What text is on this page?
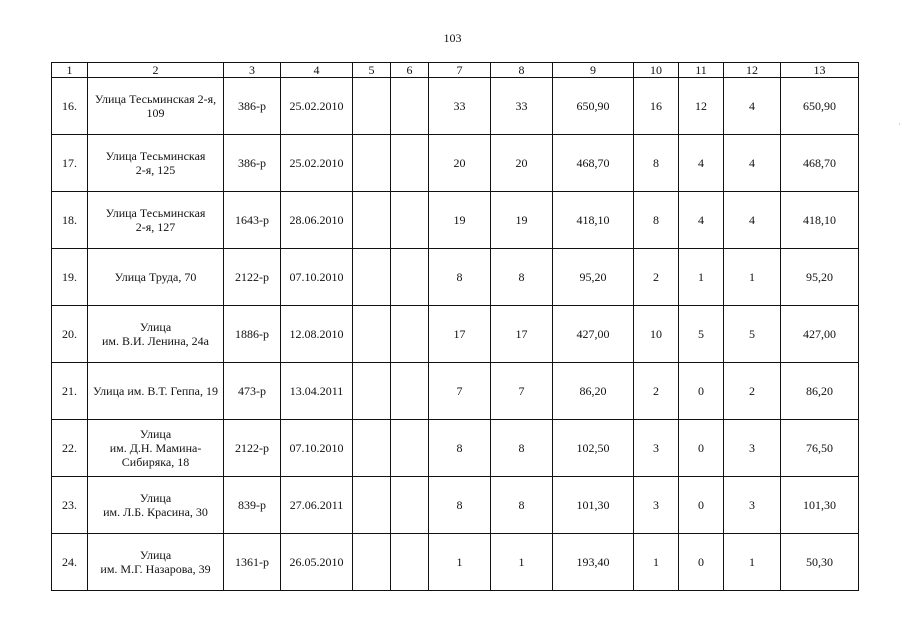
103
1	2	3	4	5	6	7	8	9	10	11	12	13
16.	Улица Тесьминская 2-я,
109	386-р	25.02.2010			33	33	650,90	16	12	4	650,90
17.	Улица Тесьминская
2-я, 125	386-р	25.02.2010			20	20	468,70	8	4	4	468,70
18.	Улица Тесьминская
2-я, 127	1643-р	28.06.2010			19	19	418,10	8	4	4	418,10
19.	Улица Труда, 70	2122-р	07.10.2010			8	8	95,20	2	1	1	95,20
20.	Улица
им. В.И. Ленина, 24а	1886-р	12.08.2010			17	17	427,00	10	5	5	427,00
21.	Улица им. В.Т. Геппа, 19	473-р	13.04.2011			7	7	86,20	2	0	2	86,20
22.	Улица
им. Д.Н. Мамина-
Сибиряка, 18	2122-р	07.10.2010			8	8	102,50	3	0	3	76,50
23.	Улица
им. Л.Б. Красина, 30	839-р	27.06.2011			8	8	101,30	3	0	3	101,30
24.	Улица
им. М.Г. Назарова, 39	1361-р	26.05.2010			1	1	193,40	1	0	1	50,30
·
